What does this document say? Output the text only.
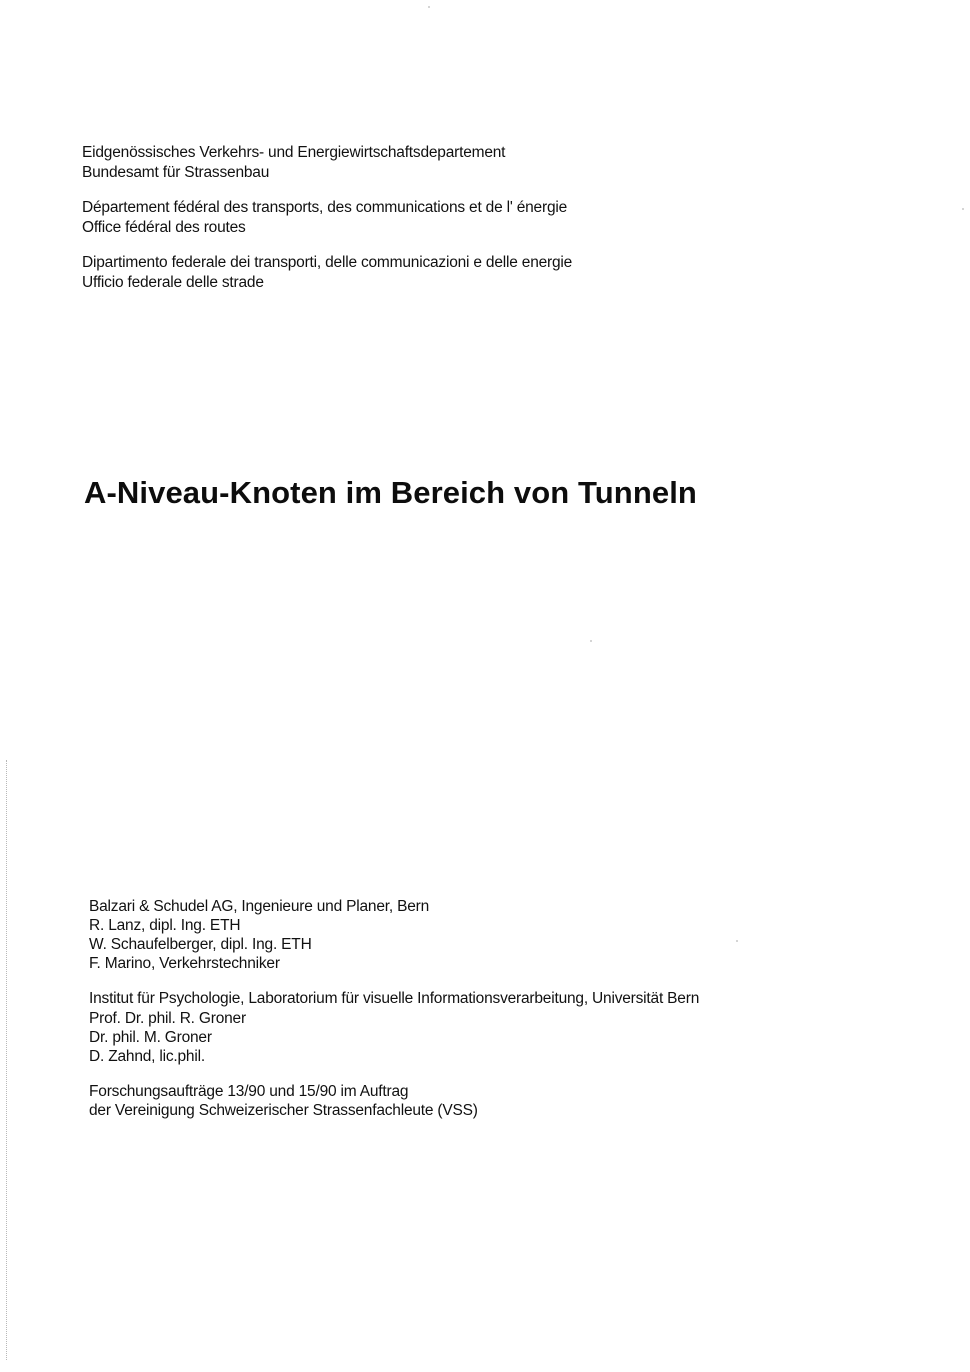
Eidgenössisches Verkehrs- und Energiewirtschaftsdepartement
Bundesamt für Strassenbau
Département fédéral des transports, des communications et de l' énergie
Office fédéral des routes
Dipartimento federale dei transporti, delle communicazioni e delle energie
Ufficio federale delle strade
A-Niveau-Knoten im Bereich von Tunneln
Balzari & Schudel AG, Ingenieure und Planer, Bern
R. Lanz, dipl. Ing. ETH
W. Schaufelberger, dipl. Ing. ETH
F. Marino, Verkehrstechniker
Institut für Psychologie, Laboratorium für visuelle Informationsverarbeitung, Universität Bern
Prof. Dr. phil. R. Groner
Dr. phil. M. Groner
D. Zahnd, lic.phil.
Forschungsaufträge 13/90 und 15/90 im Auftrag
der Vereinigung Schweizerischer Strassenfachleute (VSS)
